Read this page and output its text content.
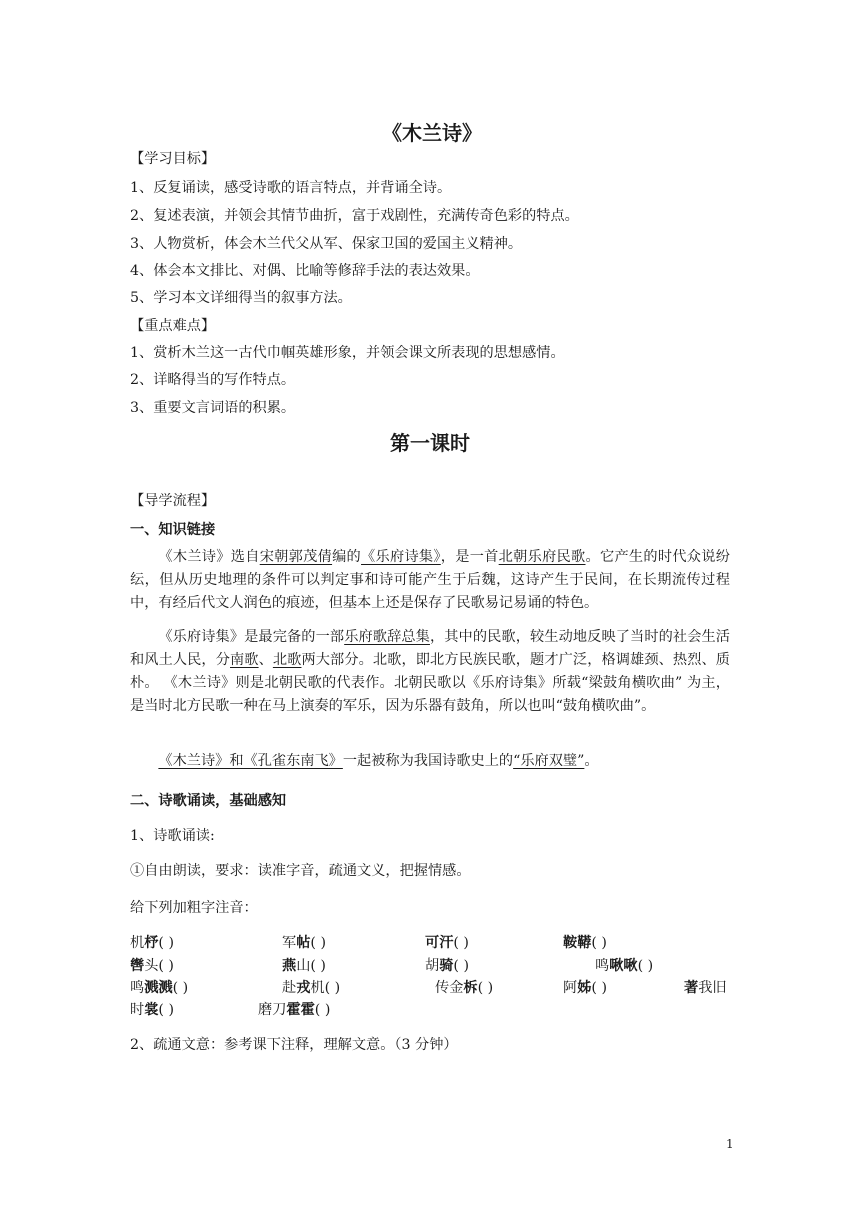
《木兰诗》
【学习目标】
1、反复诵读，感受诗歌的语言特点，并背诵全诗。
2、复述表演，并领会其情节曲折，富于戏剧性，充满传奇色彩的特点。
3、人物赏析，体会木兰代父从军、保家卫国的爱国主义精神。
4、体会本文排比、对偶、比喻等修辞手法的表达效果。
5、学习本文详细得当的叙事方法。
【重点难点】
1、赏析木兰这一古代巾帼英雄形象，并领会课文所表现的思想感情。
2、详略得当的写作特点。
3、重要文言词语的积累。
第一课时
【导学流程】
一、知识链接

《木兰诗》选自宋朝郭茂倩编的《乐府诗集》，是一首北朝乐府民歌。它产生的时代众说纷纭，但从历史地理的条件可以判定事和诗可能产生于后魏，这诗产生于民间，在长期流传过程中，有经后代文人润色的痕迹，但基本上还是保存了民歌易记易诵的特色。

《乐府诗集》是最完备的一部乐府歌辞总集，其中的民歌，较生动地反映了当时的社会生活和风土人民，分南歌、北歌两大部分。北歌，即北方民族民歌，题才广泛，格调雄颈、热烈、质朴。 《木兰诗》则是北朝民歌的代表作。北朝民歌以《乐府诗集》所载“梁鼓角横吹曲” 为主，是当时北方民歌一种在马上演奏的军乐，因为乐器有鼓角，所以也叫“鼓角横吹曲”。

《木兰诗》和《孔雀东南飞》一起被称为我国诗歌史上的“乐府双璧”。

二、诗歌诵读，基础感知
1、诗歌诵读:
①自由朗读，要求：读准字音，疏通文义，把握情感。
给下列加粗字注音：
机杼( )	军帖( )	可汗( )	鞍鞯( )
辔头( )	燕山( )	胡骑( )	鸣啾啾( )
鸣溅溅( )	赴戎机( )	传金柝( )	阿姊( )	著我旧
时裳( )	磨刀霍霍( )
2、疏通文意：参考课下注释，理解文意。（3 分钟）
1
